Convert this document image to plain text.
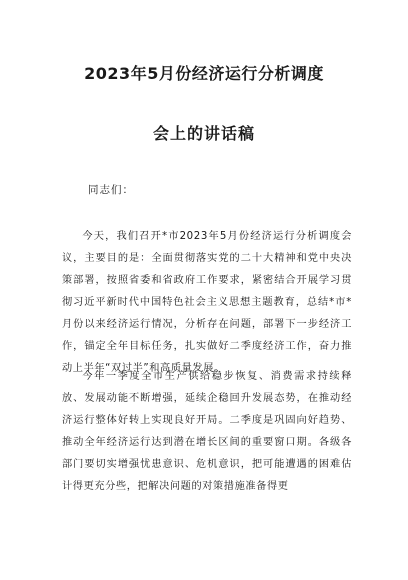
2023年5月份经济运行分析调度
会上的讲话稿
同志们：
今天，我们召开*市2023年5月份经济运行分析调度会议，主要目的是：全面贯彻落实党的二十大精神和党中央决策部署，按照省委和省政府工作要求，紧密结合开展学习贯彻习近平新时代中国特色社会主义思想主题教育，总结*市*月份以来经济运行情况，分析存在问题，部署下一步经济工作，锚定全年目标任务，扎实做好二季度经济工作，奋力推动上半年“双过半”和高质量发展。
今年一季度全市生产供给稳步恢复、消费需求持续释放、发展动能不断增强，延续企稳回升发展态势，在推动经济运行整体好转上实现良好开局。二季度是巩固向好趋势、推动全年经济运行达到潜在增长区间的重要窗口期。各级各部门要切实增强忧患意识、危机意识，把可能遭遇的困难估计得更充分些，把解决问题的对策措施准备得更
